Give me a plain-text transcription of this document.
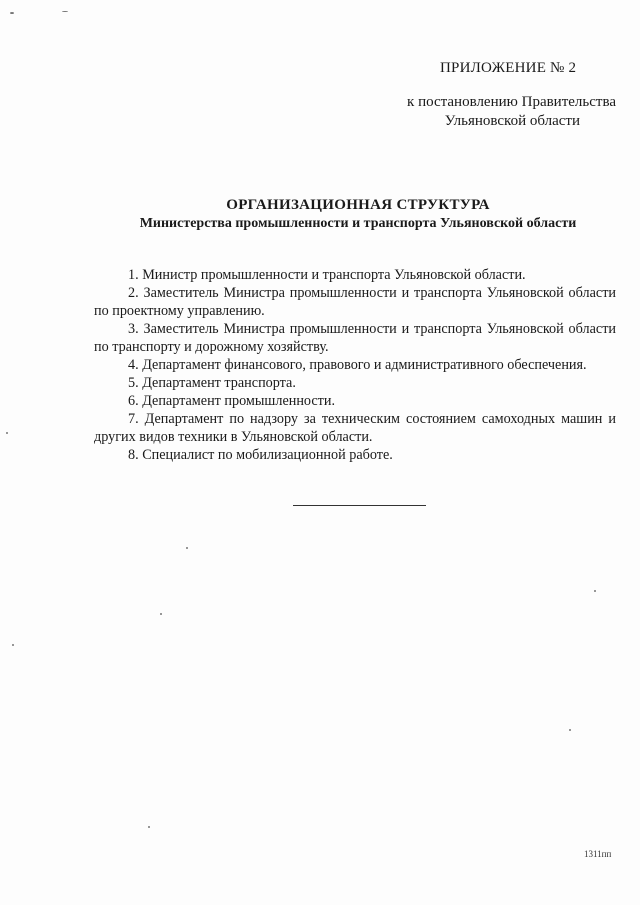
ПРИЛОЖЕНИЕ № 2
к постановлению Правительства
Ульяновской области
ОРГАНИЗАЦИОННАЯ СТРУКТУРА
Министерства промышленности и транспорта Ульяновской области

1. Министр промышленности и транспорта Ульяновской области.

2. Заместитель Министра промышленности и транспорта Ульяновской области по проектному управлению.

3. Заместитель Министра промышленности и транспорта Ульяновской области по транспорту и дорожному хозяйству.

4. Департамент финансового, правового и административного обеспечения.

5. Департамент транспорта.

6. Департамент промышленности.

7. Департамент по надзору за техническим состоянием самоходных машин и других видов техники в Ульяновской области.

8. Специалист по мобилизационной работе.

1311пп
